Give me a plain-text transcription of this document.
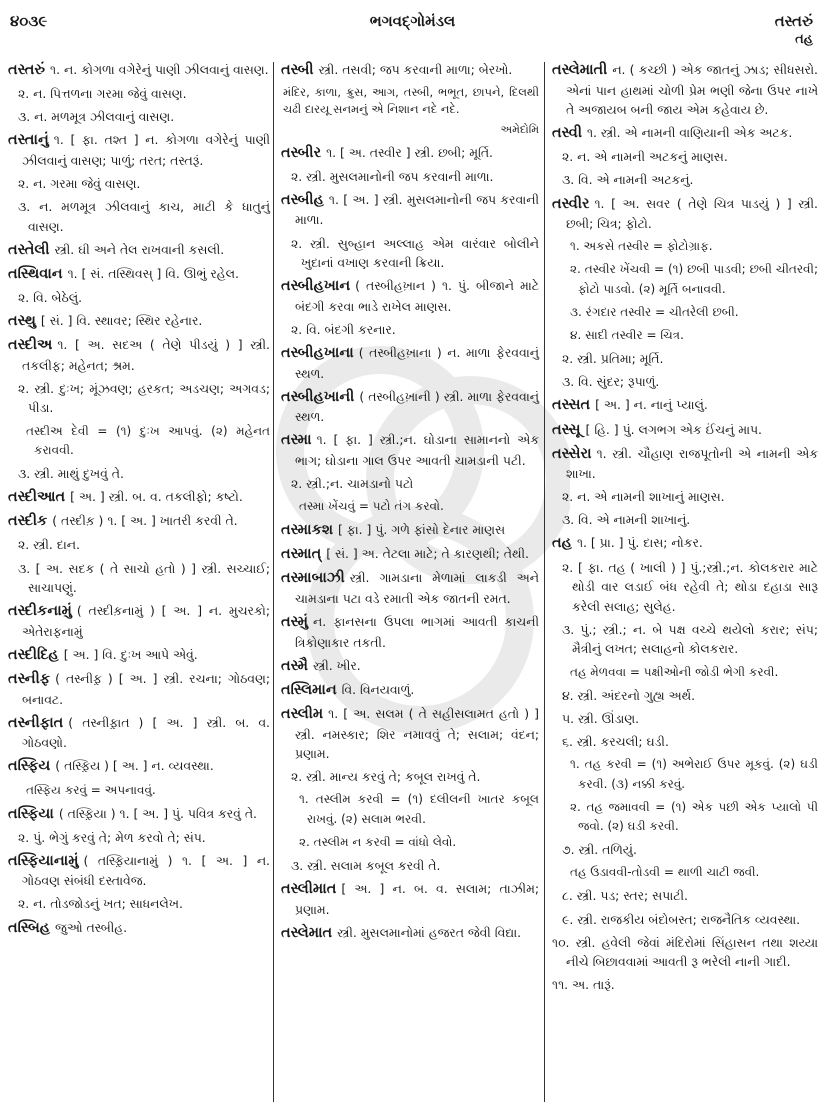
૪૦૩૯	ભગવદ્ગોમંડલ	તસ્તરું
તહ

તસ્તરું ૧. ન. કોગળા વગેરેનું પાણી ઝીલવાનું વાસણ.

૨. ન. પિત્તળના ગરમા જેવું વાસણ.

૩. ન. મળમૂત્ર ઝીલવાનું વાસણ.

તસ્તાનું ૧. [ ફા. તશ્ત ] ન. કોગળા વગેરેનું પાણી ઝીલવાનું વાસણ; પાળું; તરત; તસ્તરૂં.

૨. ન. ગરમા જેવું વાસણ.

૩. ન. મળમૂત્ર ઝીલવાનું કાચ, માટી કે ધાતુનું વાસણ.

તસ્તેલી સ્ત્રી. ઘી અને તેલ રાખવાની કસલી.

તસ્થિવાન ૧. [ સં. તસ્થિવસ્ ] વિ. ઊભું રહેલ.

૨. વિ. બેઠેલું.

તસ્થુ [ સં. ] વિ. સ્થાવર; સ્થિર રહેનાર.

તસ્દીઅ ૧. [ અ. સદઅ ( તેણે પીડયું ) ] સ્ત્રી. તકલીફ; મહેનત; શ્રમ.

૨. સ્ત્રી. દુઃખ; મૂંઝવણ; હરકત; અડચણ; અગવડ; પીડા.

તસ્દીઅ દેવી = (૧) દુઃખ આપવું. (૨) મહેનત કરાવવી.

૩. સ્ત્રી. માથું દુખવું તે.

તસ્દીઆત [ અ. ] સ્ત્રી. બ. વ. તકલીફો; કષ્ટો.

તસ્દીક ( તસ્દીક઼ ) ૧. [ અ. ] ખાતરી કરવી તે.

૨. સ્ત્રી. દાન.

૩. [ અ. સદક ( તે સાચો હતો ) ] સ્ત્રી. સચ્ચાઈ; સાચાપણું.

તસ્દીકનામું ( તસ્દીક઼નામું ) [ અ. ] ન. મુચરકો; એતેરાફનામું

તસ્દીદિહ [ અ. ] વિ. દુઃખ આપે એવું.

તસ્નીફ ( તસ્નીફ઼ ) [ અ. ] સ્ત્રી. રચના; ગોઠવણ; બનાવટ.

તસ્નીફાત ( તસ્નીફ઼ાત ) [ અ. ] સ્ત્રી. બ. વ. ગોઠવણો.

તસ્ફિય ( તસ્ફ઼િય ) [ અ. ] ન. વ્યવસ્થા.

તસ્ફિય કરવું = અપનાવવું.

તસ્ફિયા ( તસ્ફ઼િયા ) ૧. [ અ. ] પું. પવિત્ર કરવું તે.

૨. પું. ભેગું કરવું તે; મેળ કરવો તે; સંપ.

તસ્ફિયાનામું ( તસ્ફ઼િયાનામું ) ૧. [ અ. ] ન. ગોઠવણ સંબંધી દસ્તાવેજ.

૨. ન. તોડજોડનું ખત; સાધનલેખ.

તસ્બિહ જુઓ તસ્બીહ.

તસ્બી સ્ત્રી. તસવી; જપ કરવાની માળા; બેરખો.

મંદિર, કાળા, ક્રુસ, આગ, તસ્બી, ભભૂત, છાપને, દિલથી ચઢી દારયૂ સનમનું એ નિશાન નદે નદે.

અમેદોમિ

તસ્બીર ૧. [ અ. તસ્વીર ] સ્ત્રી. છબી; મૂર્તિ.

૨. સ્ત્રી. મુસલમાનોની જપ કરવાની માળા.

તસ્બીહ ૧. [ અ. ] સ્ત્રી. મુસલમાનોની જપ કરવાની માળા.

૨. સ્ત્રી. સુબ્હાન અલ્લાહ એમ વારંવાર બોલીને ખુદાનાં વખાણ કરવાની ક્રિયા.

તસ્બીહખાન ( તસ્બીહખ઼ાન ) ૧. પું. બીજાને માટે બંદગી કરવા ભાડે રાખેલ માણસ.

૨. વિ. બંદગી કરનાર.

તસ્બીહખાના ( તસ્બીહખ઼ાના ) ન. માળા ફેરવવાનું સ્થળ.

તસ્બીહખાની ( તસ્બીહખ઼ાની ) સ્ત્રી. માળા ફેરવવાનું સ્થળ.

તસ્મા ૧. [ ફા. ] સ્ત્રી.;ન. ઘોડાના સામાનનો એક ભાગ; ઘોડાના ગાલ ઉપર આવતી ચામડાની પટી.

૨. સ્ત્રી.;ન. ચામડાનો પટો

તસ્મા ખેંચવું = પટો તંગ કરવો.

તસ્માકશ [ ફા. ] પું. ગળે ફાંસો દેનાર માણસ

તસ્માત્ [ સં. ] અ. તેટલા માટે; તે કારણથી; તેથી.

તસ્માબાઝી સ્ત્રી. ગામડાના મેળામાં લાકડી અને ચામડાના પટા વડે રમાતી એક જાતની રમત.

તસ્મું ન. ફાનસના ઉપલા ભાગમાં આવતી કાચની ત્રિકોણાકાર તકતી.

તસ્મૈ સ્ત્રી. ખીર.

તસ્લિમાન વિ. વિનયવાળું.

તસ્લીમ ૧. [ અ. સલમ ( તે સહીસલામત હતો ) ] સ્ત્રી. નમસ્કાર; શિર નમાવવું તે; સલામ; વંદન; પ્રણામ.

૨. સ્ત્રી. માન્ય કરવું તે; કબૂલ રાખવું તે.

૧. તસ્લીમ કરવી = (૧) દલીલની ખાતર કબૂલ રાખવું. (૨) સલામ ભરવી.

૨. તસ્લીમ ન કરવી = વાંધો લેવો.

૩. સ્ત્રી. સલામ કબૂલ કરવી તે.

તસ્લીમાત [ અ. ] ન. બ. વ. સલામ; તાઝીમ; પ્રણામ.

તસ્લેમાત સ્ત્રી. મુસલમાનોમાં હજરત જેવી વિદ્યા.

તસ્લેમાતી ન. ( કચ્છી ) એક જાતનું ઝાડ; સીધસરો. એનાં પાન હાથમાં ચોળી પ્રેમ ભણી જેના ઉપર નાખે તે અજાયબ બની જાય એમ કહેવાય છે.

તસ્વી ૧. સ્ત્રી. એ નામની વાણિયાની એક અટક.

૨. ન. એ નામની અટકનું માણસ.

૩. વિ. એ નામની અટકનું.

તસ્વીર ૧. [ અ. સવર ( તેણે ચિત્ર પાડયું ) ] સ્ત્રી. છબી; ચિત્ર; ફોટો.

૧. અકસે તસ્વીર = ફોટોગ્રાફ.

૨. તસ્વીર ખેંચવી = (૧) છબી પાડવી; છબી ચીતરવી; ફોટો પાડવો. (૨) મૂર્તિ બનાવવી.

૩. રંગદાર તસ્વીર = ચીતરેલી છબી.

૪. સાદી તસ્વીર = ચિત્ર.

૨. સ્ત્રી. પ્રતિમા; મૂર્તિ.

૩. વિ. સુંદર; રૂપાળું.

તસ્સત [ અ. ] ન. નાનું પ્યાલું.

તસ્સૂ [ હિ. ] પું. લગભગ એક ઈંચનું માપ.

તસ્સેરા ૧. સ્ત્રી. ચૌહાણ રાજપૂતોની એ નામની એક શાખા.

૨. ન. એ નામની શાખાનું માણસ.

૩. વિ. એ નામની શાખાનું.

તહ ૧. [ પ્રા. ] પું. દાસ; નોકર.

૨. [ ફા. તહ ( ખાલી ) ] પું.;સ્ત્રી.;ન. કોલકરાર માટે થોડી વાર લડાઈ બંધ રહેવી તે; થોડા દહાડા સારૂ કરેલી સલાહ; સુલેહ.

૩. પું.; સ્ત્રી.; ન. બે પક્ષ વચ્ચે થયેલો કરાર; સંપ; મૈત્રીનું લખત; સલાહનો કોલકરાર.

તહ મેળવવા = પક્ષીઓની જોડી ભેગી કરવી.

૪. સ્ત્રી. અંદરનો ગુહ્ય અર્થ.

૫. સ્ત્રી. ઊંડાણ.

૬. સ્ત્રી. કરચલી; ઘડી.

૧. તહ કરવી = (૧) અભેરાઈ ઉપર મૂકવું. (૨) ઘડી કરવી. (૩) નક્કી કરવું.

૨. તહ જમાવવી = (૧) એક પછી એક પ્યાલો પી જવો. (૨) ઘડી કરવી.

૭. સ્ત્રી. તળિયું.

તહ ઉડાવવી-તોડવી = થાળી ચાટી જવી.

૮. સ્ત્રી. પડ; સ્તર; સપાટી.

૯. સ્ત્રી. રાજકીય બંદોબસ્ત; રાજનૈતિક વ્યવસ્થા.

૧૦. સ્ત્રી. હવેલી જેવાં મંદિરોમાં સિંહાસન તથા શય્યા નીચે બિછાવવામાં આવતી રૂ ભરેલી નાની ગાદી.

૧૧. અ. તારૂં.
